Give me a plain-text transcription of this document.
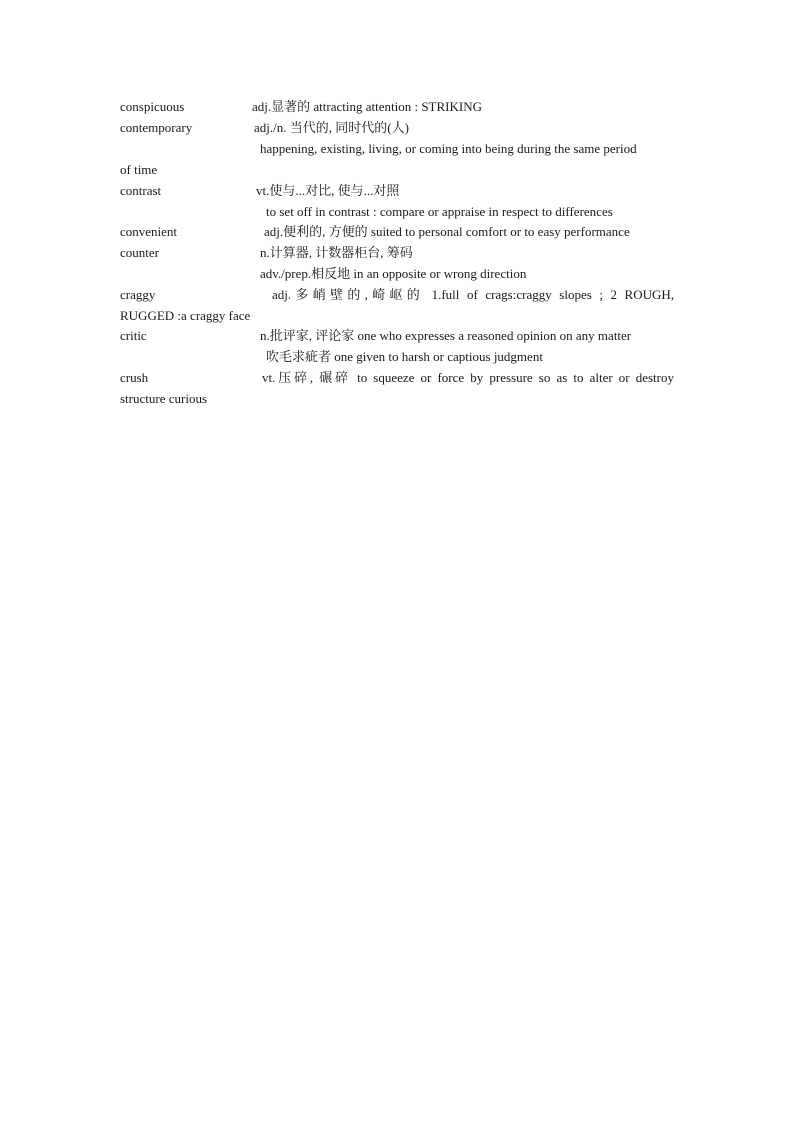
conspicuous	adj.显著的 attracting attention : STRIKING
contemporary	adj./n. 当代的, 同时代的(人)
happening, existing, living, or coming into being during the same period
of time
contrast	vt.使与...对比, 使与...对照
to set off in contrast : compare or appraise in respect to differences
convenient	adj.便利的, 方便的 suited to personal comfort or to easy performance
counter	n.计算器, 计数器柜台, 筹码
adv./prep.相反地 in an opposite or wrong direction
craggy	adj.多峭壁的,崎岖的 1.full of crags:craggy slopes ; 2 ROUGH,
RUGGED :a craggy face
critic	n.批评家, 评论家 one who expresses a reasoned opinion on any matter
吹毛求疵者 one given to harsh or captious judgment
crush	vt.压碎, 碾碎 to squeeze or force by pressure so as to alter or destroy
structure curious
